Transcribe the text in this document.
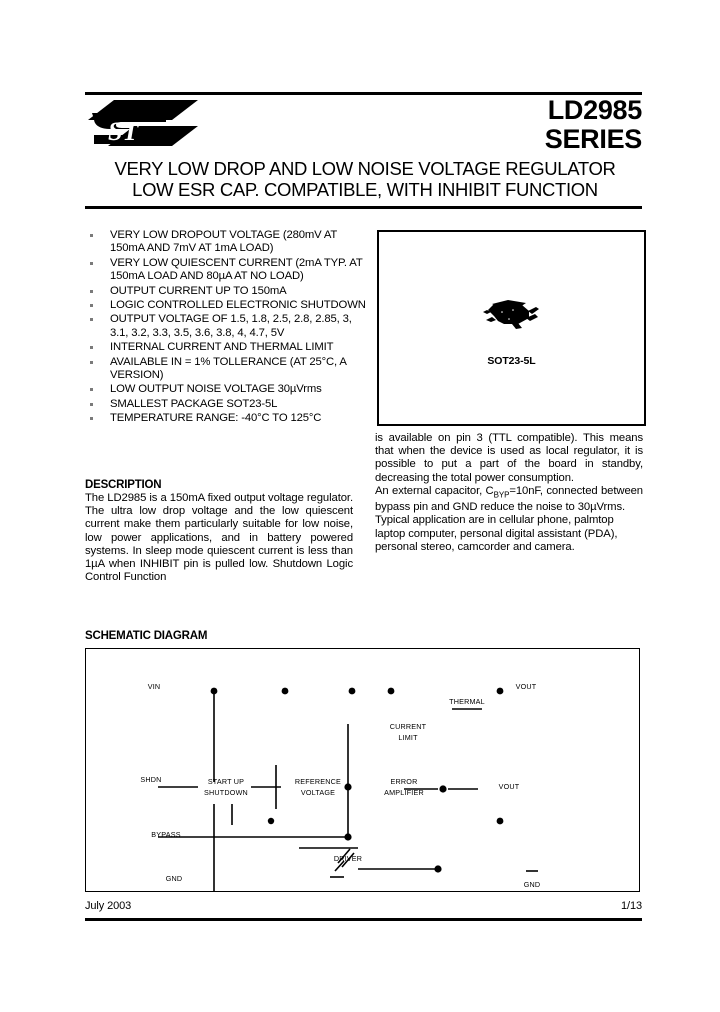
ST	®
LD2985
SERIES
VERY LOW DROP AND LOW NOISE VOLTAGE REGULATOR
LOW ESR CAP. COMPATIBLE, WITH INHIBIT FUNCTION
VERY LOW DROPOUT VOLTAGE (280mV AT 150mA AND 7mV AT 1mA LOAD)
VERY LOW QUIESCENT CURRENT (2mA TYP. AT 150mA LOAD AND 80µA AT NO LOAD)
OUTPUT CURRENT UP TO 150mA
LOGIC CONTROLLED ELECTRONIC SHUTDOWN
OUTPUT VOLTAGE OF 1.5, 1.8, 2.5, 2.8, 2.85, 3, 3.1, 3.2, 3.3, 3.5, 3.6, 3.8, 4, 4.7, 5V
INTERNAL CURRENT AND THERMAL LIMIT
AVAILABLE IN = 1% TOLLERANCE (AT 25°C, A VERSION)
LOW OUTPUT NOISE VOLTAGE 30µVrms
SMALLEST PACKAGE SOT23-5L
TEMPERATURE RANGE: -40°C TO 125°C
DESCRIPTION
The LD2985 is a 150mA fixed output voltage regulator. The ultra low drop voltage and the low quiescent current make them particularly suitable for low noise, low power applications, and in battery powered systems. In sleep mode quiescent current is less than 1µA when INHIBIT pin is pulled low. Shutdown Logic Control Function
SOT23-5L

is available on pin 3 (TTL compatible). This means that when the device is used as local regulator, it is possible to put a part of the board in standby, decreasing the total power consumption.

An external capacitor, $C_{BYP}=10nF$, connected between bypass pin and GND reduce the noise to 30µVrms.

Typical application are in cellular phone, palmtop laptop computer, personal digital assistant (PDA), personal stereo, camcorder and camera.

SCHEMATIC DIAGRAM
SHDN	START UP
SHUTDOWN
REFERENCE
VOLTAGE
CURRENT
LIMIT
ERROR
AMPLIFIER
DRIVER
BYPASS
VIN	VOUT
THERMAL
VOUT
GND
GND
July 2003	1/13
